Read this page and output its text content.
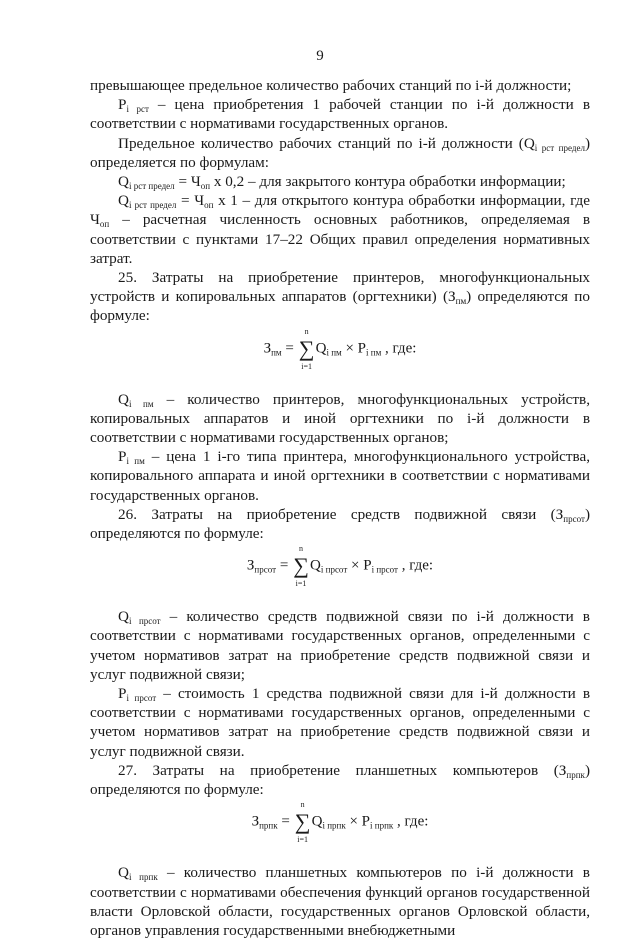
9

превышающее предельное количество рабочих станций по i-й должности;

$P_{i рст}$ – цена приобретения 1 рабочей станции по i-й должности в соответствии с нормативами государственных органов.

Предельное количество рабочих станций по i-й должности $(Q_{i рст предел})$ определяется по формулам:

$Q_{i рст предел} = Ч_{оп}$ х 0,2 – для закрытого контура обработки информации;

$Q_{i рст предел} = Ч_{оп}$ х 1 – для открытого контура обработки информации, где $Ч_{оп}$ – расчетная численность основных работников, определяемая в соответствии с пунктами 17–22 Общих правил определения нормативных затрат.

25. Затраты на приобретение принтеров, многофункциональных устройств и копировальных аппаратов (оргтехники) $(З_{пм})$ определяются по формуле:

$З_{пм}$ =
n
∑
i=1
$Q_{i пм} \times P_{i пм}$ , где:

$Q_{i пм}$ – количество принтеров, многофункциональных устройств, копировальных аппаратов и иной оргтехники по i-й должности в соответствии с нормативами государственных органов;

$P_{i пм}$ – цена 1 i-го типа принтера, многофункционального устройства, копировального аппарата и иной оргтехники в соответствии с нормативами государственных органов.

26. Затраты на приобретение средств подвижной связи $(З_{прсот})$ определяются по формуле:

$З_{прсот}$ =
n
∑
i=1
$Q_{i прсот} \times P_{i прсот}$ , где:

$Q_{i прсот}$ – количество средств подвижной связи по i-й должности в соответствии с нормативами государственных органов, определенными с учетом нормативов затрат на приобретение средств подвижной связи и услуг подвижной связи;

$P_{i прсот}$ – стоимость 1 средства подвижной связи для i-й должности в соответствии с нормативами государственных органов, определенными с учетом нормативов затрат на приобретение средств подвижной связи и услуг подвижной связи.

27. Затраты на приобретение планшетных компьютеров $(З_{прпк})$ определяются по формуле:

$З_{прпк}$ =
n
∑
i=1
$Q_{i прпк} \times P_{i прпк}$ , где:

$Q_{i прпк}$ – количество планшетных компьютеров по i-й должности в соответствии с нормативами обеспечения функций органов государственной власти Орловской области, государственных органов Орловской области, органов управления государственными внебюджетными
